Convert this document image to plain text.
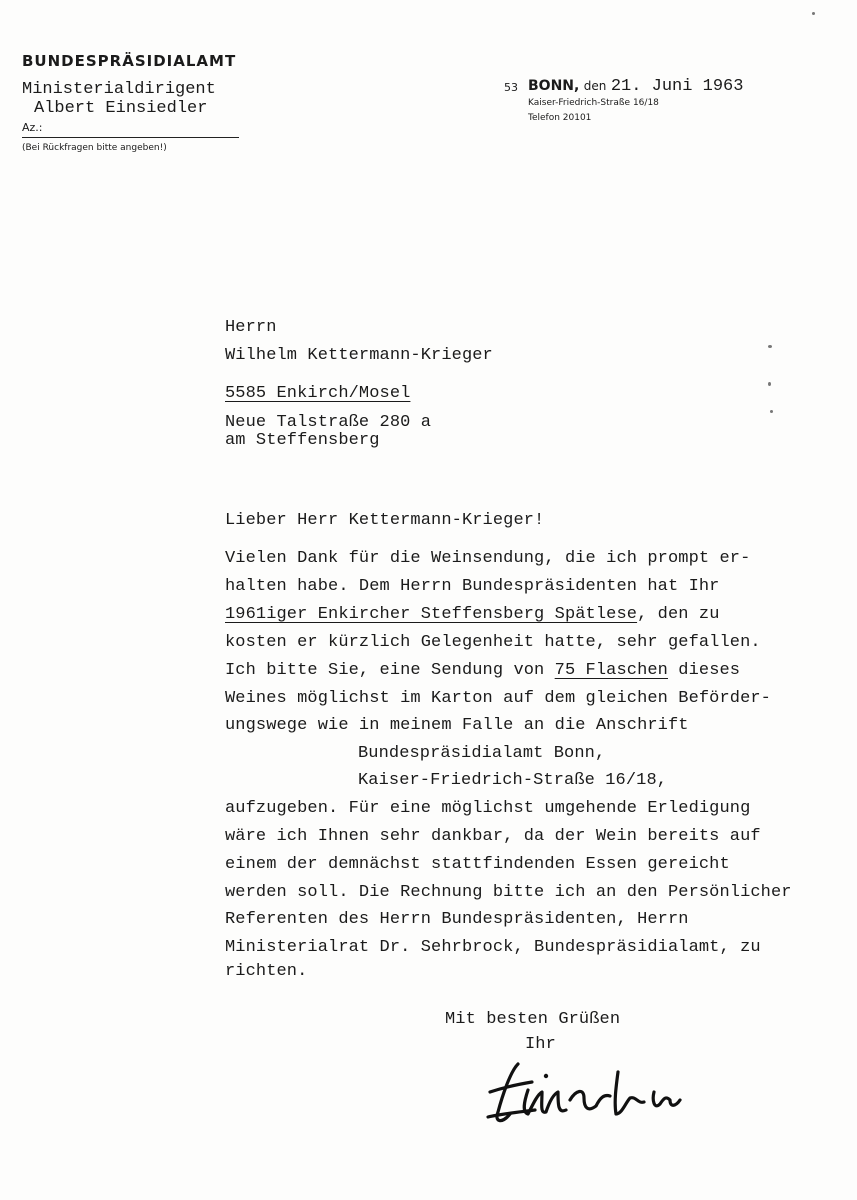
BUNDESPRÄSIDIALAMT
Ministerialdirigent
Albert Einsiedler
Az.:
(Bei Rückfragen bitte angeben!)
53 BONN, den 21. Juni 1963
Kaiser-Friedrich-Straße 16/18
Telefon 20101
Herrn
Wilhelm Kettermann-Krieger
5585 Enkirch/Mosel
Neue Talstraße 280 a
am Steffensberg
Lieber Herr Kettermann-Krieger!
Vielen Dank für die Weinsendung, die ich prompt er-
halten habe. Dem Herrn Bundespräsidenten hat Ihr
1961iger Enkircher Steffensberg Spätlese, den zu
kosten er kürzlich Gelegenheit hatte, sehr gefallen.
Ich bitte Sie, eine Sendung von 75 Flaschen dieses
Weines möglichst im Karton auf dem gleichen Beförder-
ungswege wie in meinem Falle an die Anschrift
Bundespräsidialamt Bonn,
Kaiser-Friedrich-Straße 16/18,
aufzugeben. Für eine möglichst umgehende Erledigung
wäre ich Ihnen sehr dankbar, da der Wein bereits auf
einem der demnächst stattfindenden Essen gereicht
werden soll. Die Rechnung bitte ich an den Persönlicher
Referenten des Herrn Bundespräsidenten, Herrn
Ministerialrat Dr. Sehrbrock, Bundespräsidialamt, zu
richten.
Mit besten Grüßen
Ihr
